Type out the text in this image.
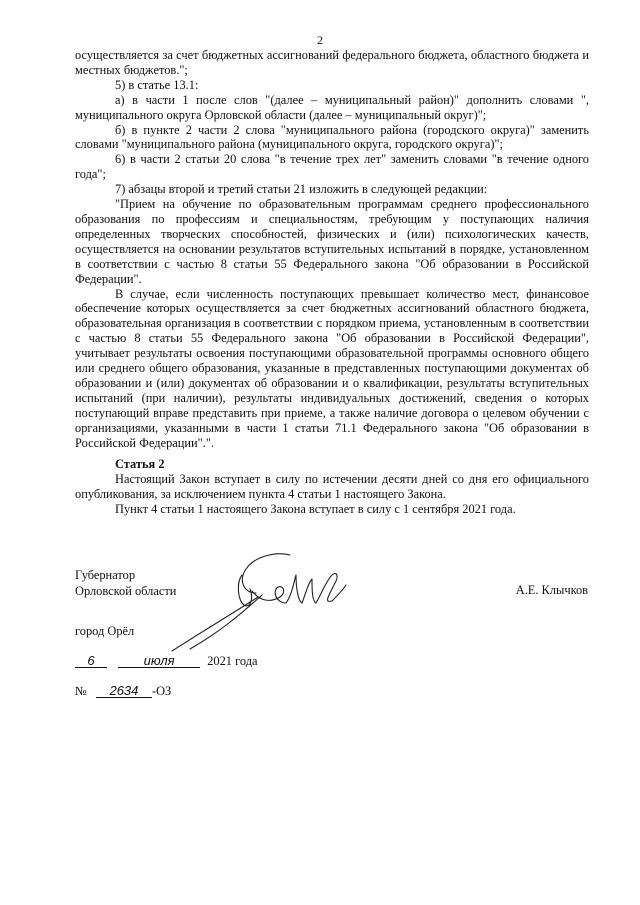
2

осуществляется за счет бюджетных ассигнований федерального бюджета, областного бюджета и местных бюджетов.";

5) в статье 13.1:

а) в части 1 после слов "(далее – муниципальный район)" дополнить словами ", муниципального округа Орловской области (далее – муниципальный округ)";

б) в пункте 2 части 2 слова "муниципального района (городского округа)" заменить словами "муниципального района (муниципального округа, городского округа)";

6) в части 2 статьи 20 слова "в течение трех лет" заменить словами "в течение одного года";

7) абзацы второй и третий статьи 21 изложить в следующей редакции:

"Прием на обучение по образовательным программам среднего профессионального образования по профессиям и специальностям, требующим у поступающих наличия определенных творческих способностей, физических и (или) психологических качеств, осуществляется на основании результатов вступительных испытаний в порядке, установленном в соответствии с частью 8 статьи 55 Федерального закона "Об образовании в Российской Федерации".

В случае, если численность поступающих превышает количество мест, финансовое обеспечение которых осуществляется за счет бюджетных ассигнований областного бюджета, образовательная организация в соответствии с порядком приема, установленным в соответствии с частью 8 статьи 55 Федерального закона "Об образовании в Российской Федерации", учитывает результаты освоения поступающими образовательной программы основного общего или среднего общего образования, указанные в представленных поступающими документах об образовании и (или) документах об образовании и о квалификации, результаты вступительных испытаний (при наличии), результаты индивидуальных достижений, сведения о которых поступающий вправе представить при приеме, а также наличие договора о целевом обучении с организациями, указанными в части 1 статьи 71.1 Федерального закона "Об образовании в Российской Федерации".".

Статья 2

Настоящий Закон вступает в силу по истечении десяти дней со дня его официального опубликования, за исключением пункта 4 статьи 1 настоящего Закона.

Пункт 4 статьи 1 настоящего Закона вступает в силу с 1 сентября 2021 года.

Губернатор
Орловской области	А.Е. Клычков
город Орёл
6	июля	2021 года
№ 2634 -ОЗ
